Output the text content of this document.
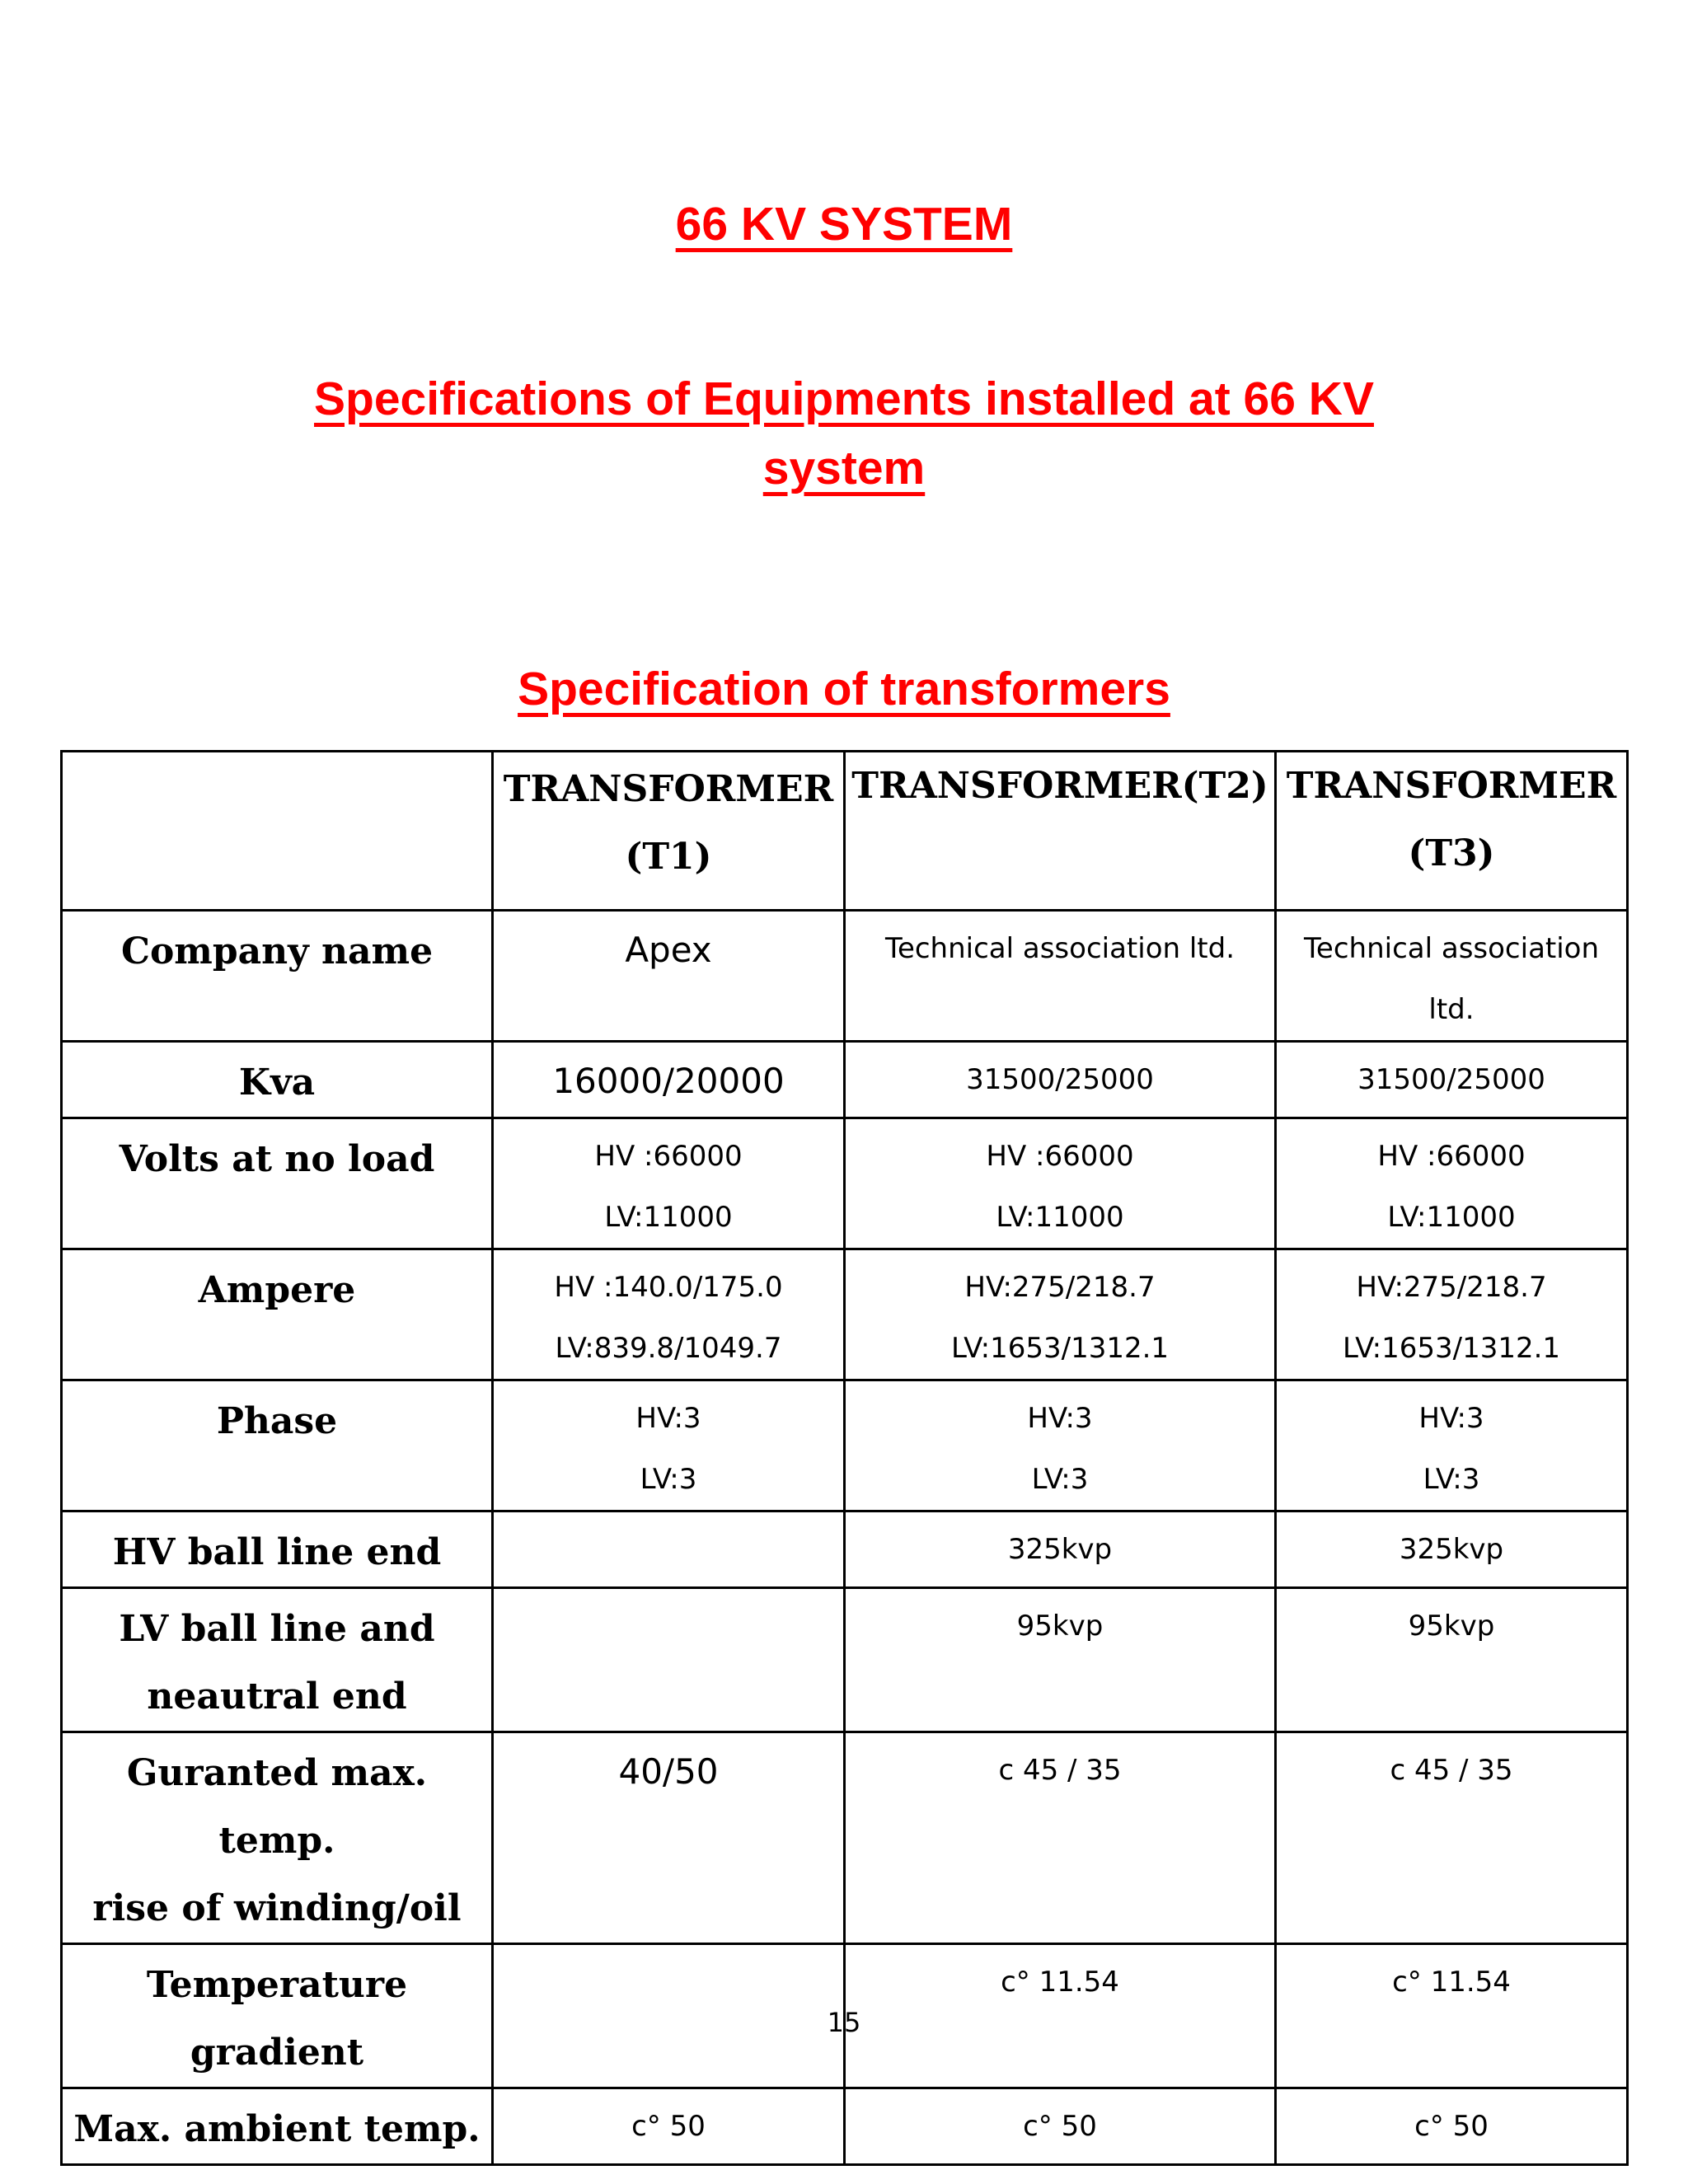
66 KV SYSTEM
Specifications of Equipments installed at 66 KV
system
Specification of transformers

	TRANSFORMER
(T1)	TRANSFORMER(T2)	TRANSFORMER
(T3)

Company name	Apex	Technical association ltd.	Technical association
ltd.

Kva	16000/20000	31500/25000	31500/25000

Volts at no load	HV :66000
LV:11000	HV :66000
LV:11000	HV :66000
LV:11000

Ampere	HV :140.0/175.0
LV:839.8/1049.7	HV:275/218.7
LV:1653/1312.1	HV:275/218.7
LV:1653/1312.1

Phase	HV:3
LV:3	HV:3
LV:3	HV:3
LV:3

HV ball line end		325kvp	325kvp

LV ball line and
neautral end		95kvp	95kvp

Guranted max. temp.
rise of winding/oil	40/50	c 45 / 35	c 45 / 35

Temperature gradient		c° 11.54	c° 11.54

Max. ambient temp.	c° 50	c° 50	c° 50
15
